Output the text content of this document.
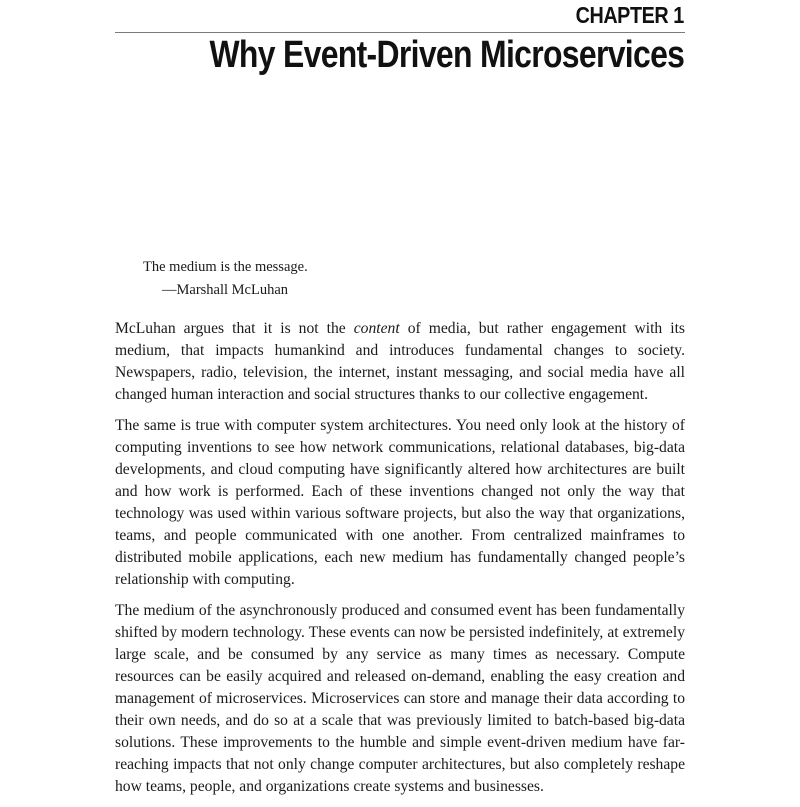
CHAPTER 1
Why Event-Driven Microservices
The medium is the message.
—Marshall McLuhan

McLuhan argues that it is not the content of media, but rather engagement with its medium, that impacts humankind and introduces fundamental changes to society. Newspapers, radio, television, the internet, instant messaging, and social media have all changed human interaction and social structures thanks to our collective engagement.

The same is true with computer system architectures. You need only look at the history of computing inventions to see how network communications, relational databases, big-data developments, and cloud computing have significantly altered how architectures are built and how work is performed. Each of these inventions changed not only the way that technology was used within various software projects, but also the way that organizations, teams, and people communicated with one another. From centralized mainframes to distributed mobile applications, each new medium has fundamentally changed people’s relationship with computing.

The medium of the asynchronously produced and consumed event has been fundamentally shifted by modern technology. These events can now be persisted indefinitely, at extremely large scale, and be consumed by any service as many times as necessary. Compute resources can be easily acquired and released on-demand, enabling the easy creation and management of microservices. Microservices can store and manage their data according to their own needs, and do so at a scale that was previously limited to batch-based big-data solutions. These improvements to the humble and simple event-driven medium have far-reaching impacts that not only change computer architectures, but also completely reshape how teams, people, and organizations create systems and businesses.
